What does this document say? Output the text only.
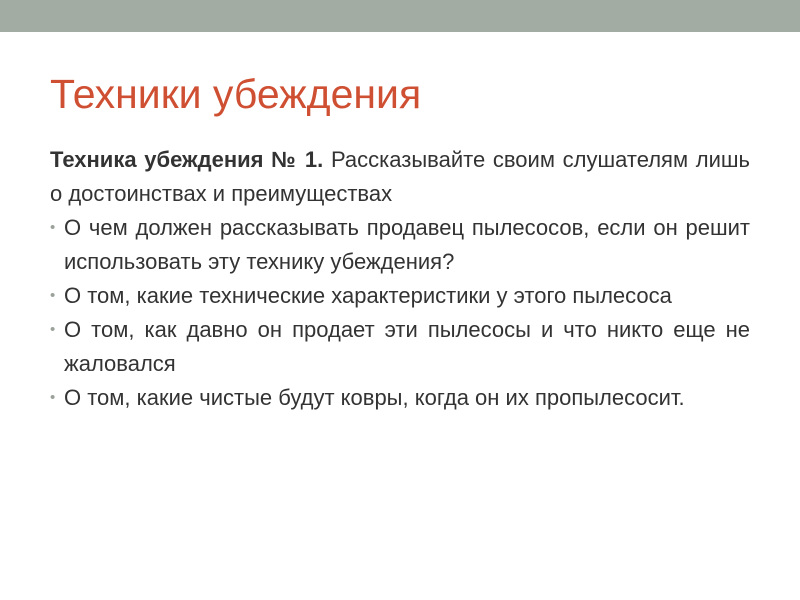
Техники убеждения

Техника убеждения № 1. Рассказывайте своим слушателям лишь о достоинствах и преимуществах

• О чем должен рассказывать продавец пылесосов, если он решит использовать эту технику убеждения?
• О том, какие технические характеристики у этого пылесоса
• О том, как давно он продает эти пылесосы и что никто еще не жаловался
• О том, какие чистые будут ковры, когда он их пропылесосит.
